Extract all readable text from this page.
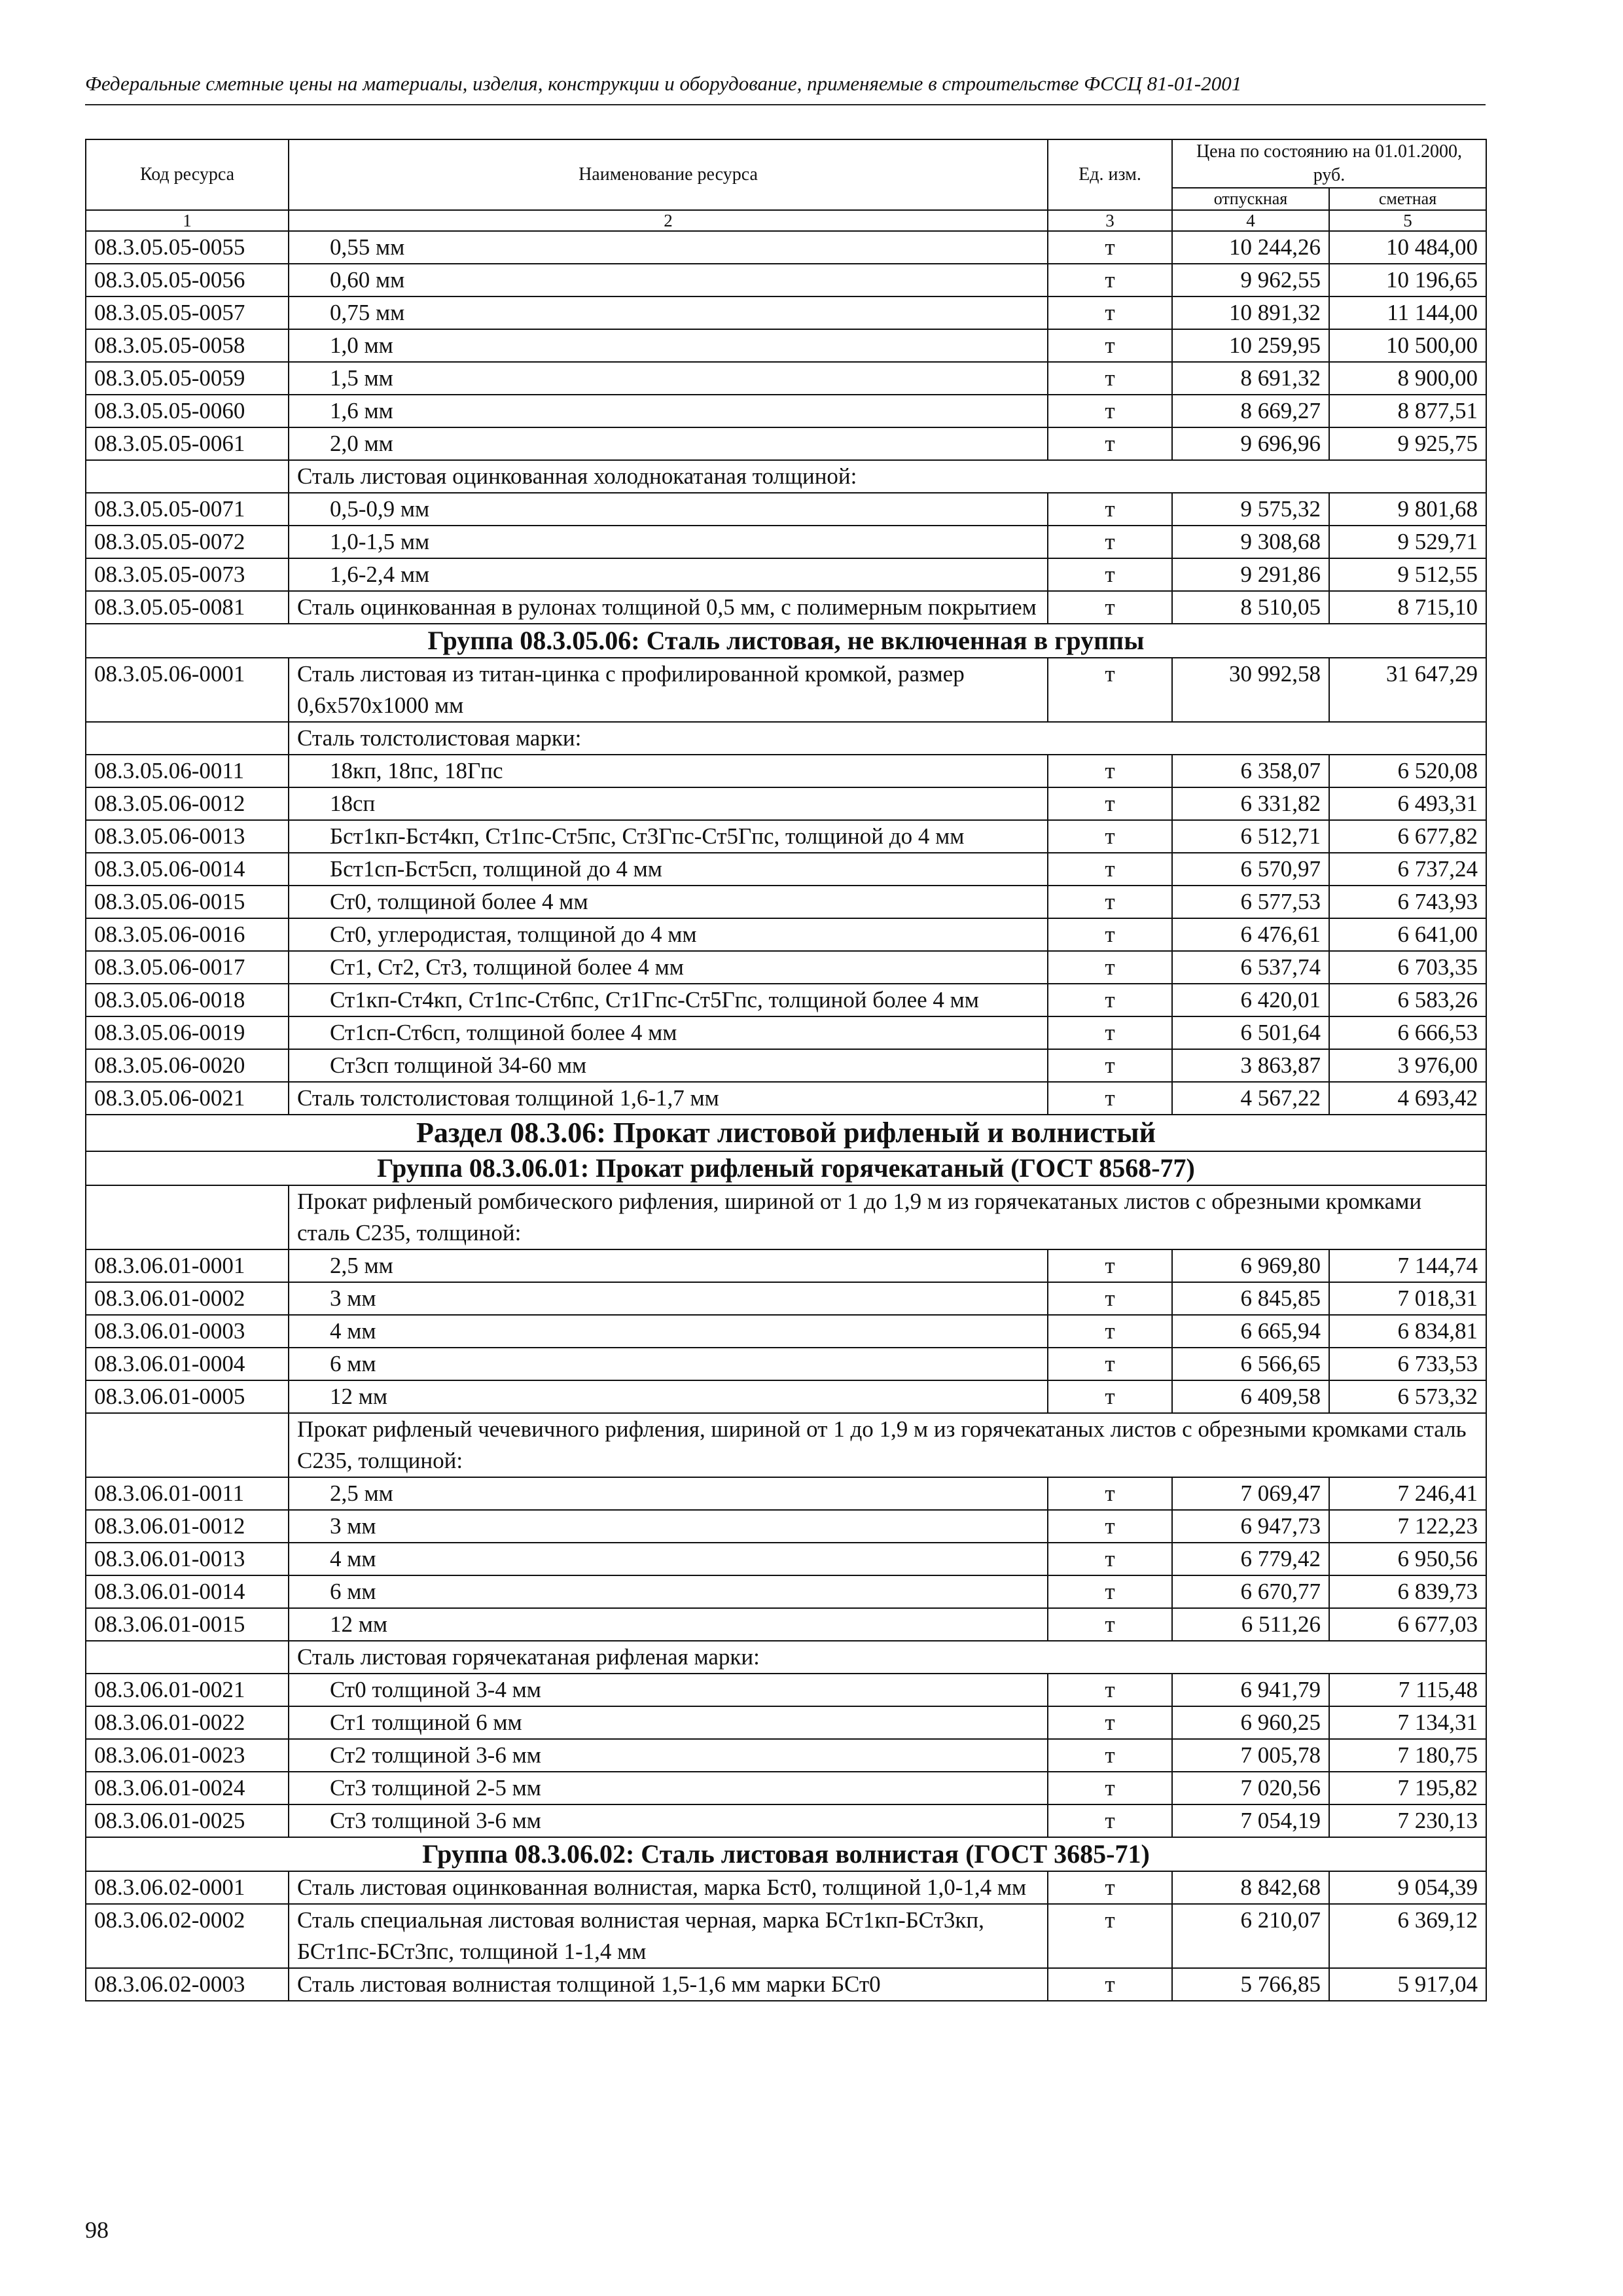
Федеральные сметные цены на материалы, изделия, конструкции и оборудование, применяемые в строительстве ФССЦ 81-01-2001
Код ресурса	Наименование ресурса	Ед. изм.	Цена по состоянию на 01.01.2000, руб.	
			отпускная	сметная
1	2	3	4	5
08.3.05.05-0055	0,55 мм	т	10 244,26	10 484,00
08.3.05.05-0056	0,60 мм	т	9 962,55	10 196,65
08.3.05.05-0057	0,75 мм	т	10 891,32	11 144,00
08.3.05.05-0058	1,0 мм	т	10 259,95	10 500,00
08.3.05.05-0059	1,5 мм	т	8 691,32	8 900,00
08.3.05.05-0060	1,6 мм	т	8 669,27	8 877,51
08.3.05.05-0061	2,0 мм	т	9 696,96	9 925,75
	Сталь листовая оцинкованная холоднокатаная толщиной:			
08.3.05.05-0071	0,5-0,9 мм	т	9 575,32	9 801,68
08.3.05.05-0072	1,0-1,5 мм	т	9 308,68	9 529,71
08.3.05.05-0073	1,6-2,4 мм	т	9 291,86	9 512,55
08.3.05.05-0081	Сталь оцинкованная в рулонах толщиной 0,5 мм, с полимерным покрытием	т	8 510,05	8 715,10
Группа 08.3.05.06: Сталь листовая, не включенная в группы				
08.3.05.06-0001	Сталь листовая из титан-цинка с профилированной кромкой, размер 0,6х570х1000 мм	т	30 992,58	31 647,29
	Сталь толстолистовая марки:			
08.3.05.06-0011	18кп, 18пс, 18Гпс	т	6 358,07	6 520,08
08.3.05.06-0012	18сп	т	6 331,82	6 493,31
08.3.05.06-0013	Бст1кп-Бст4кп, Ст1пс-Ст5пс, Ст3Гпс-Ст5Гпс, толщиной до 4 мм	т	6 512,71	6 677,82
08.3.05.06-0014	Бст1сп-Бст5сп, толщиной до 4 мм	т	6 570,97	6 737,24
08.3.05.06-0015	Ст0, толщиной более 4 мм	т	6 577,53	6 743,93
08.3.05.06-0016	Ст0, углеродистая, толщиной до 4 мм	т	6 476,61	6 641,00
08.3.05.06-0017	Ст1, Ст2, Ст3, толщиной более 4 мм	т	6 537,74	6 703,35
08.3.05.06-0018	Ст1кп-Ст4кп, Ст1пс-Ст6пс, Ст1Гпс-Ст5Гпс, толщиной более 4 мм	т	6 420,01	6 583,26
08.3.05.06-0019	Ст1сп-Ст6сп, толщиной более 4 мм	т	6 501,64	6 666,53
08.3.05.06-0020	Ст3сп толщиной 34-60 мм	т	3 863,87	3 976,00
08.3.05.06-0021	Сталь толстолистовая толщиной 1,6-1,7 мм	т	4 567,22	4 693,42
Раздел 08.3.06: Прокат листовой рифленый и волнистый				
Группа 08.3.06.01: Прокат рифленый горячекатаный (ГОСТ 8568-77)				
	Прокат рифленый ромбического рифления, шириной от 1 до 1,9 м из горячекатаных листов с обрезными кромками сталь С235, толщиной:			
08.3.06.01-0001	2,5 мм	т	6 969,80	7 144,74
08.3.06.01-0002	3 мм	т	6 845,85	7 018,31
08.3.06.01-0003	4 мм	т	6 665,94	6 834,81
08.3.06.01-0004	6 мм	т	6 566,65	6 733,53
08.3.06.01-0005	12 мм	т	6 409,58	6 573,32
	Прокат рифленый чечевичного рифления, шириной от 1 до 1,9 м из горячекатаных листов с обрезными кромками сталь С235, толщиной:			
08.3.06.01-0011	2,5 мм	т	7 069,47	7 246,41
08.3.06.01-0012	3 мм	т	6 947,73	7 122,23
08.3.06.01-0013	4 мм	т	6 779,42	6 950,56
08.3.06.01-0014	6 мм	т	6 670,77	6 839,73
08.3.06.01-0015	12 мм	т	6 511,26	6 677,03
	Сталь листовая горячекатаная рифленая марки:			
08.3.06.01-0021	Ст0 толщиной 3-4 мм	т	6 941,79	7 115,48
08.3.06.01-0022	Ст1 толщиной 6 мм	т	6 960,25	7 134,31
08.3.06.01-0023	Ст2 толщиной 3-6 мм	т	7 005,78	7 180,75
08.3.06.01-0024	Ст3 толщиной 2-5 мм	т	7 020,56	7 195,82
08.3.06.01-0025	Ст3 толщиной 3-6 мм	т	7 054,19	7 230,13
Группа 08.3.06.02: Сталь листовая волнистая (ГОСТ 3685-71)				
08.3.06.02-0001	Сталь листовая оцинкованная волнистая, марка Бст0, толщиной 1,0-1,4 мм	т	8 842,68	9 054,39
08.3.06.02-0002	Сталь специальная листовая волнистая черная, марка БСт1кп-БСт3кп, БСт1пс-БСт3пс, толщиной 1-1,4 мм	т	6 210,07	6 369,12
08.3.06.02-0003	Сталь листовая волнистая толщиной 1,5-1,6 мм марки БСт0	т	5 766,85	5 917,04
98
